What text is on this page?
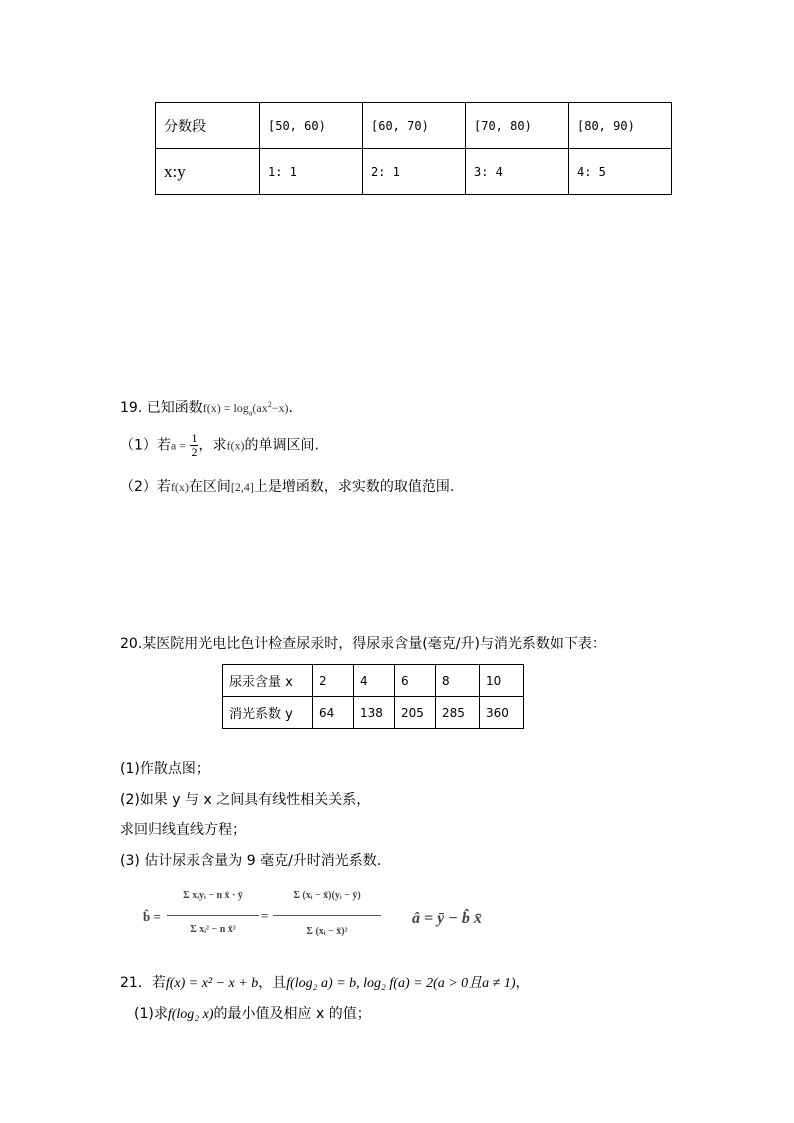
分数段	[50, 60)	[60, 70)	[70, 80)	[80, 90)
x:y	1: 1	2: 1	3: 4	4: 5
19. 已知函数$f(x) = \log_a(ax^2-x)$.
（1）若$a = \frac{1}{2}$ ，求f(x)的单调区间.
（2）若f(x)在区间[2,4]上是增函数，求实数的取值范围.
20.某医院用光电比色计检查尿汞时，得尿汞含量(毫克/升)与消光系数如下表：
尿汞含量 x	2	4	6	8	10
消光系数 y	64	138	205	285	360
(1)作散点图；
(2)如果 y 与 x 之间具有线性相关关系，
求回归线直线方程；
(3) 估计尿汞含量为 9 毫克/升时消光系数.
b̂ =
Σ xᵢyᵢ − n x̄ · ȳ
Σ xᵢ² − n x̄²
=
Σ (xᵢ − x̄)(yᵢ − ȳ)
Σ (xᵢ − x̄)²
â = ȳ − b̂ x̄
21．若f(x) = x² − x + b，且f(log₂ a) = b, log₂ f(a) = 2(a > 0且a ≠ 1)，
(1)求f(log₂ x)的最小值及相应 x 的值；
